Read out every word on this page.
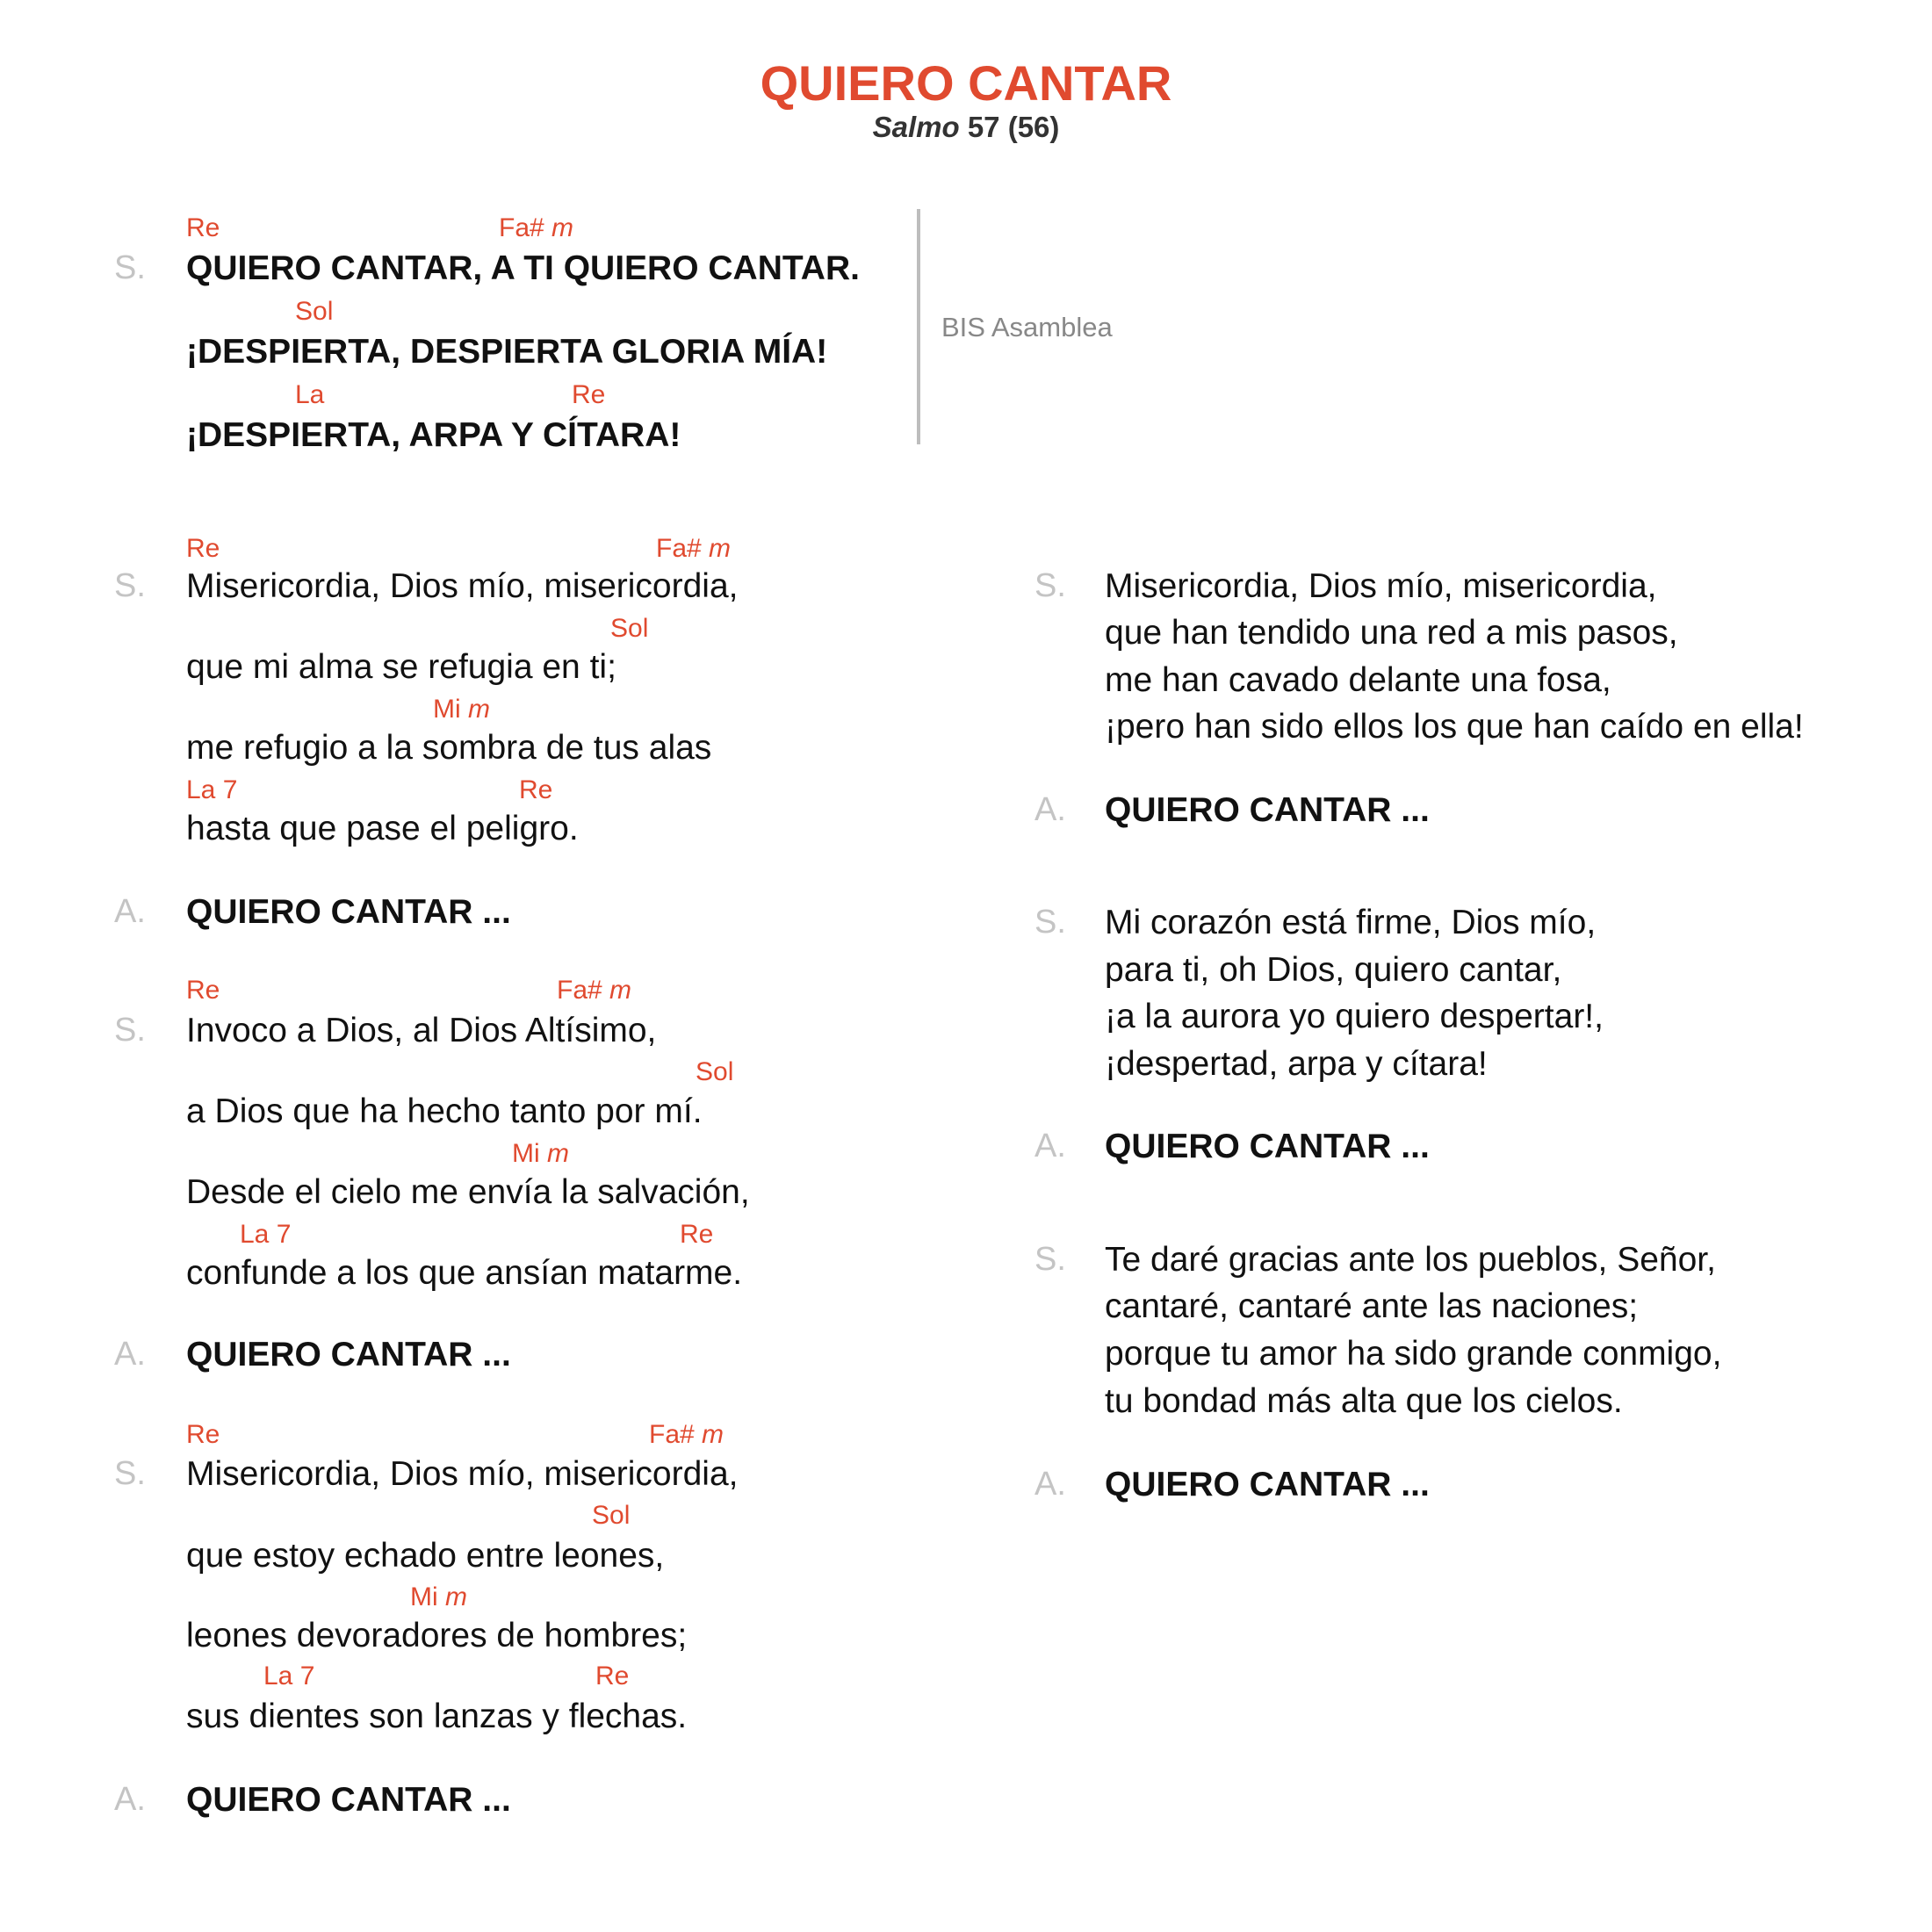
QUIERO CANTAR
Salmo 57 (56)
Re	Fa# m
S. QUIERO CANTAR, A TI QUIERO CANTAR.
Sol
¡DESPIERTA, DESPIERTA GLORIA MÍA!
La	Re
¡DESPIERTA, ARPA Y CÍTARA!
BIS Asamblea
Re	Fa# m
S. Misericordia, Dios mío, misericordia,
Sol
que mi alma se refugia en ti;
Mi m
me refugio a la sombra de tus alas
La 7	Re
hasta que pase el peligro.
A. QUIERO CANTAR ...
Re	Fa# m
S. Invoco a Dios, al Dios Altísimo,
Sol
a Dios que ha hecho tanto por mí.
Mi m
Desde el cielo me envía la salvación,
La 7	Re
confunde a los que ansían matarme.
A. QUIERO CANTAR ...
Re	Fa# m
S. Misericordia, Dios mío, misericordia,
Sol
que estoy echado entre leones,
Mi m
leones devoradores de hombres;
La 7	Re
sus dientes son lanzas y flechas.
A. QUIERO CANTAR ...
S. Misericordia, Dios mío, misericordia,
que han tendido una red a mis pasos,
me han cavado delante una fosa,
¡pero han sido ellos los que han caído en ella!
A. QUIERO CANTAR ...
S. Mi corazón está firme, Dios mío,
para ti, oh Dios, quiero cantar,
¡a la aurora yo quiero despertar!,
¡despertad, arpa y cítara!
A. QUIERO CANTAR ...
S. Te daré gracias ante los pueblos, Señor,
cantaré, cantaré ante las naciones;
porque tu amor ha sido grande conmigo,
tu bondad más alta que los cielos.
A. QUIERO CANTAR ...
